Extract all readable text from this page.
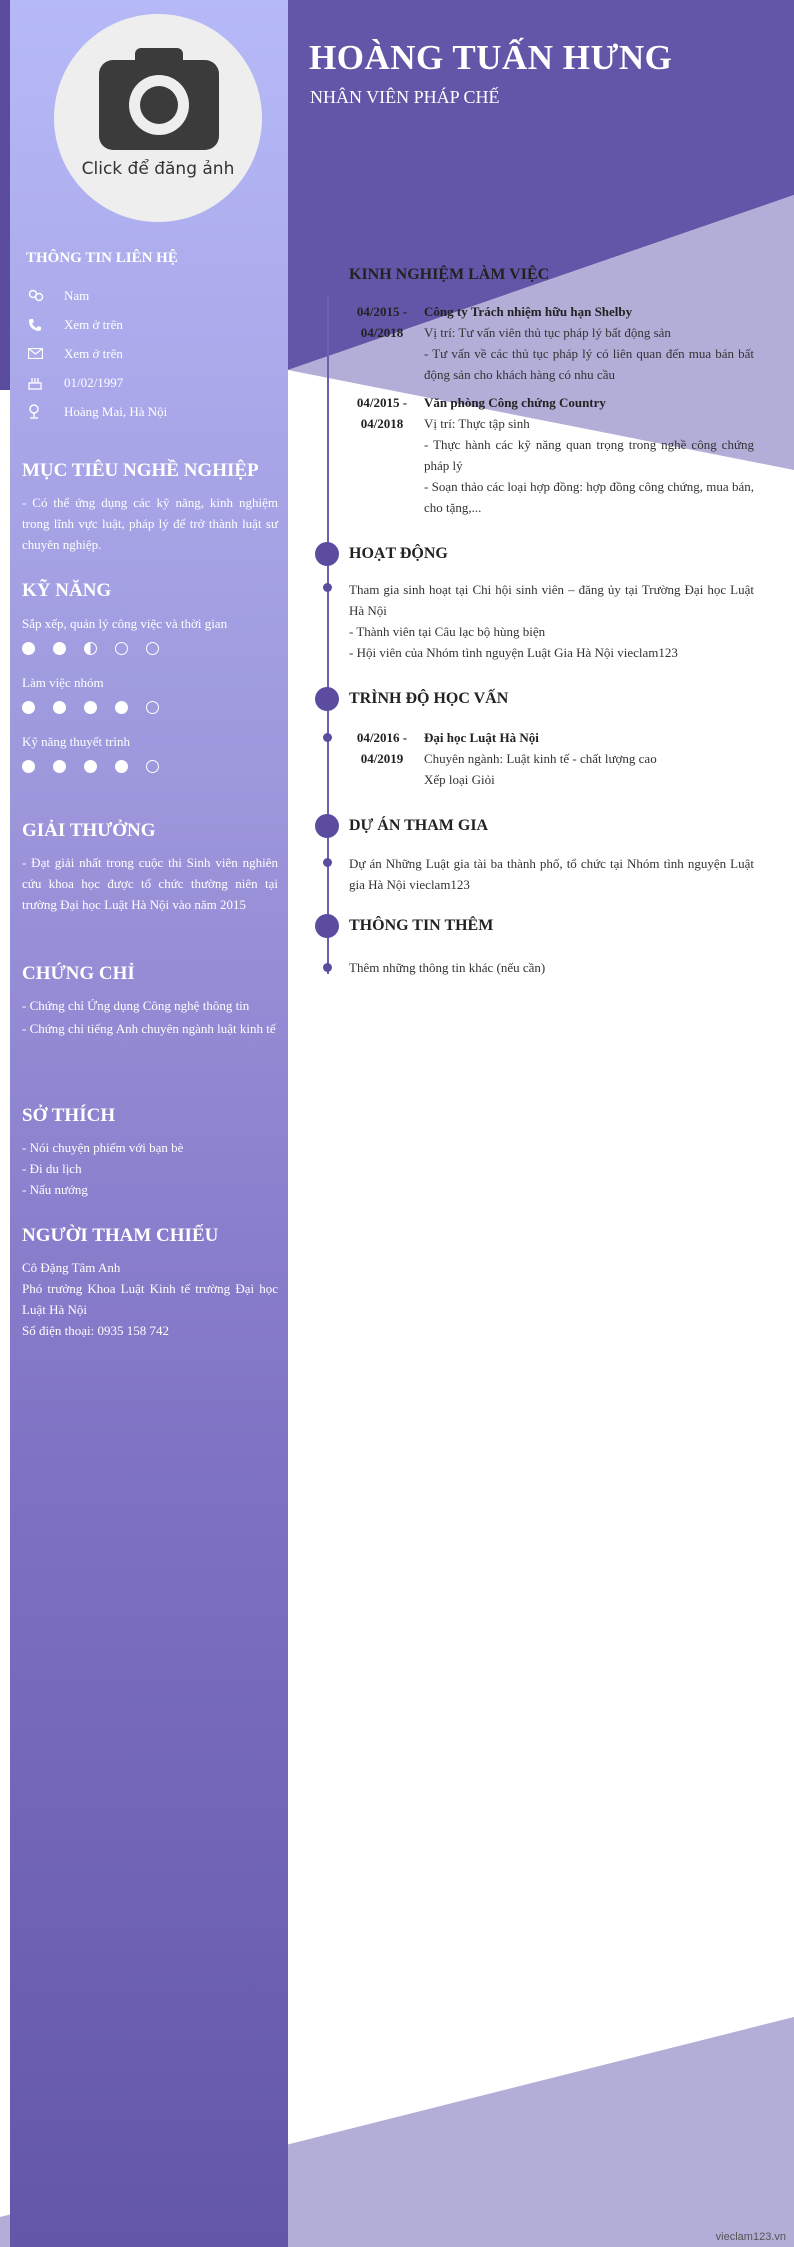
Click để đăng ảnh
THÔNG TIN LIÊN HỆ
Nam
Xem ở trên
Xem ở trên
01/02/1997
Hoàng Mai, Hà Nội
MỤC TIÊU NGHỀ NGHIỆP
- Có thể ứng dụng các kỹ năng, kinh nghiệm trong lĩnh vực luật, pháp lý để trở thành luật sư chuyên nghiệp.
KỸ NĂNG
Sắp xếp, quản lý công việc và thời gian
Làm việc nhóm
Kỹ năng thuyết trình
GIẢI THƯỞNG
- Đạt giải nhất trong cuộc thi Sinh viên nghiên cứu khoa học được tổ chức thường niên tại trường Đại học Luật Hà Nội vào năm 2015
CHỨNG CHỈ
- Chứng chỉ Ứng dụng Công nghệ thông tin
- Chứng chỉ tiếng Anh chuyên ngành luật kinh tế
SỞ THÍCH
- Nói chuyện phiếm với bạn bè
- Đi du lịch
- Nấu nướng
NGƯỜI THAM CHIẾU
Cô Đặng Tâm Anh
Phó trưởng Khoa Luật Kinh tế trường Đại học Luật Hà Nội
Số điện thoại: 0935 158 742
HOÀNG TUẤN HƯNG
NHÂN VIÊN PHÁP CHẾ
KINH NGHIỆM LÀM VIỆC
04/2015 -
04/2018
Công ty Trách nhiệm hữu hạn Shelby
Vị trí: Tư vấn viên thủ tục pháp lý bất động sản
- Tư vấn về các thủ tục pháp lý có liên quan đến mua bán bất động sản cho khách hàng có nhu cầu
04/2015 -
04/2018
Văn phòng Công chứng Country
Vị trí: Thực tập sinh
- Thực hành các kỹ năng quan trọng trong nghề công chứng pháp lý
- Soạn thảo các loại hợp đồng: hợp đồng công chứng, mua bán, cho tặng,...
HOẠT ĐỘNG
Tham gia sinh hoạt tại Chi hội sinh viên – đăng ủy tại Trường Đại học Luật Hà Nội
- Thành viên tại Câu lạc bộ hùng biện
- Hội viên của Nhóm tình nguyện Luật Gia Hà Nội vieclam123
TRÌNH ĐỘ HỌC VẤN
04/2016 -
04/2019
Đại học Luật Hà Nội
Chuyên ngành: Luật kinh tế - chất lượng cao
Xếp loại Giỏi
DỰ ÁN THAM GIA
Dự án Những Luật gia tài ba thành phố, tổ chức tại Nhóm tình nguyện Luật gia Hà Nội vieclam123
THÔNG TIN THÊM
Thêm những thông tin khác (nếu cần)
vieclam123.vn
